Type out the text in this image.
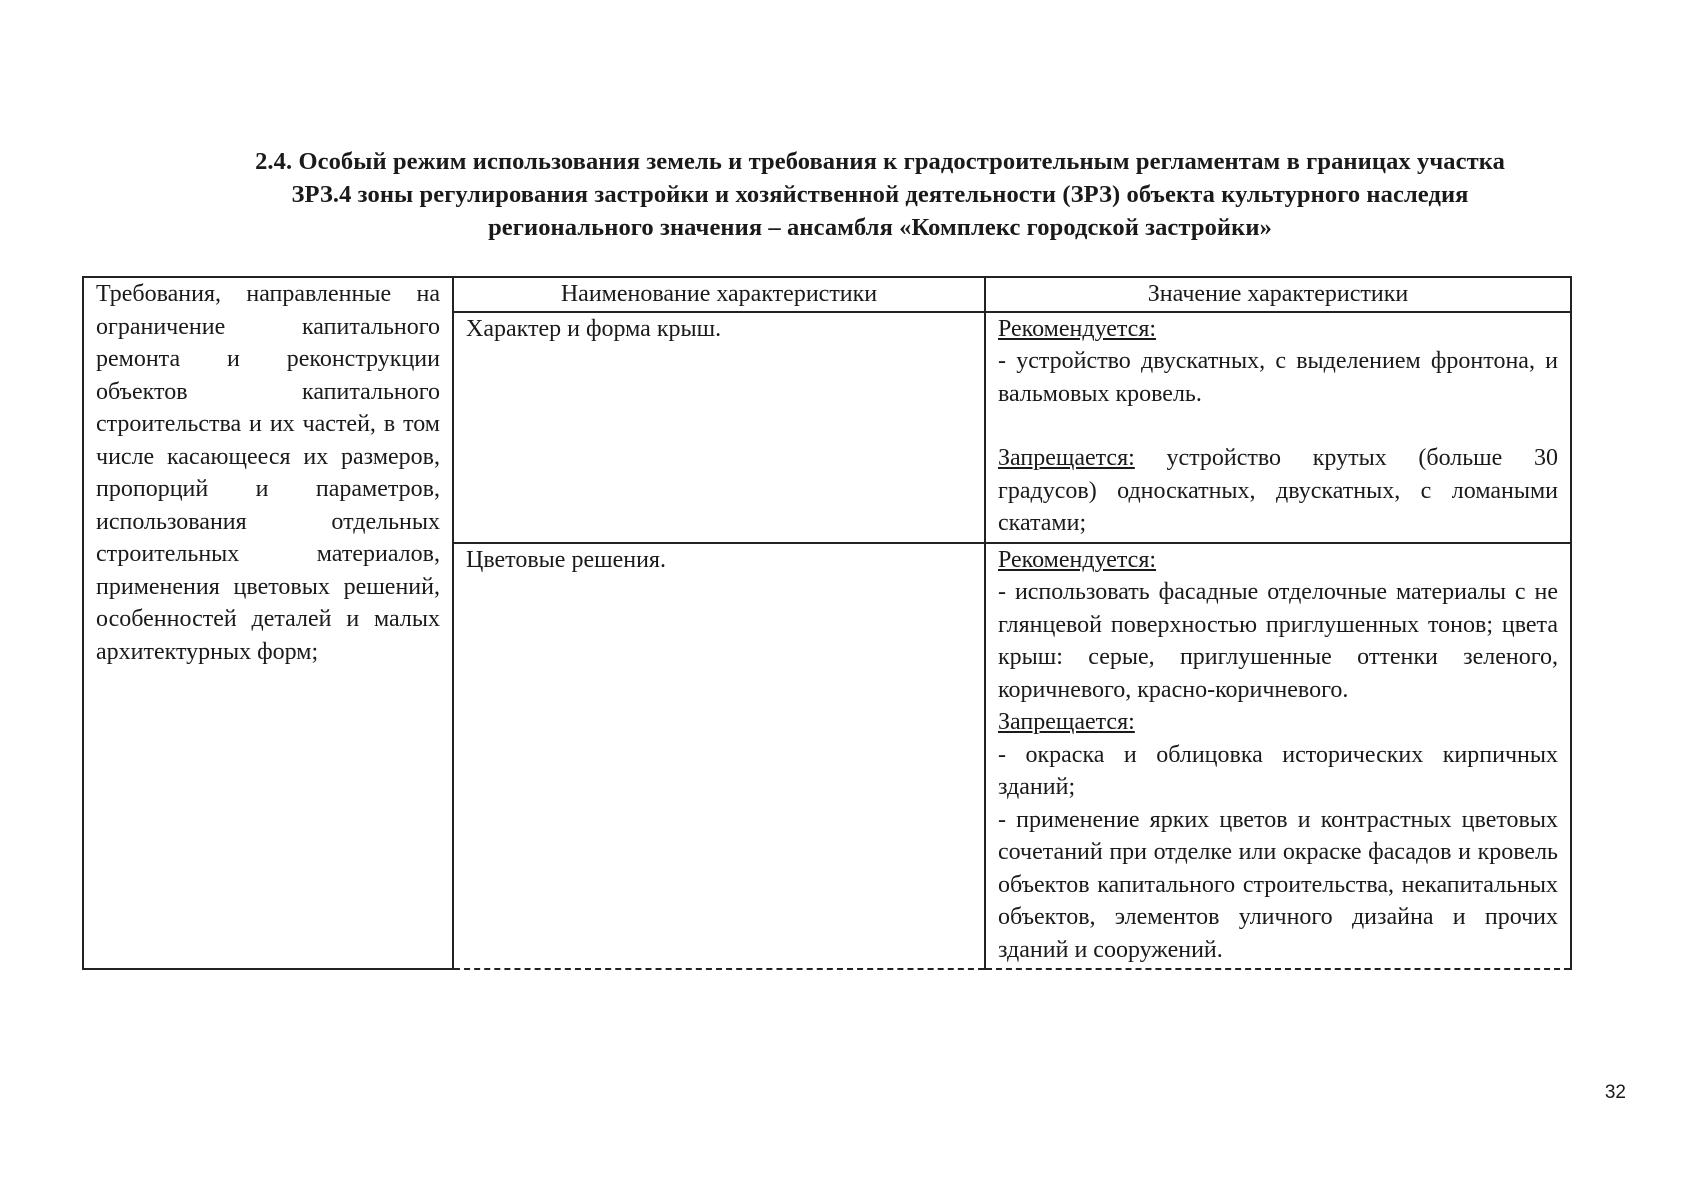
2.4. Особый режим использования земель и требования к градостроительным регламентам в границах участка
ЗРЗ.4 зоны регулирования застройки и хозяйственной деятельности (ЗРЗ) объекта культурного наследия
регионального значения – ансамбля «Комплекс городской застройки»
Требования, направленные на ограничение капитального ремонта и реконструкции объектов капитального строительства и их частей, в том числе касающееся их размеров, пропорций и параметров, использования отдельных строительных материалов, применения цветовых решений, особенностей деталей и малых архитектурных форм;	Наименование характеристики	Значение характеристики
	Характер и форма крыш.	Рекомендуется:
- устройство двускатных, с выделением фронтона, и вальмовых кровель.
Запрещается: устройство крутых (больше 30 градусов) односкатных, двускатных, с ломаными скатами;

	Цветовые решения.	Рекомендуется:
- использовать фасадные отделочные материалы с не глянцевой поверхностью приглушенных тонов; цвета крыш: серые, приглушенные оттенки зеленого, коричневого, красно-коричневого.
Запрещается:
- окраска и облицовка исторических кирпичных зданий;
- применение ярких цветов и контрастных цветовых сочетаний при отделке или окраске фасадов и кровель объектов капитального строительства, некапитальных объектов, элементов уличного дизайна и прочих зданий и сооружений.
32
